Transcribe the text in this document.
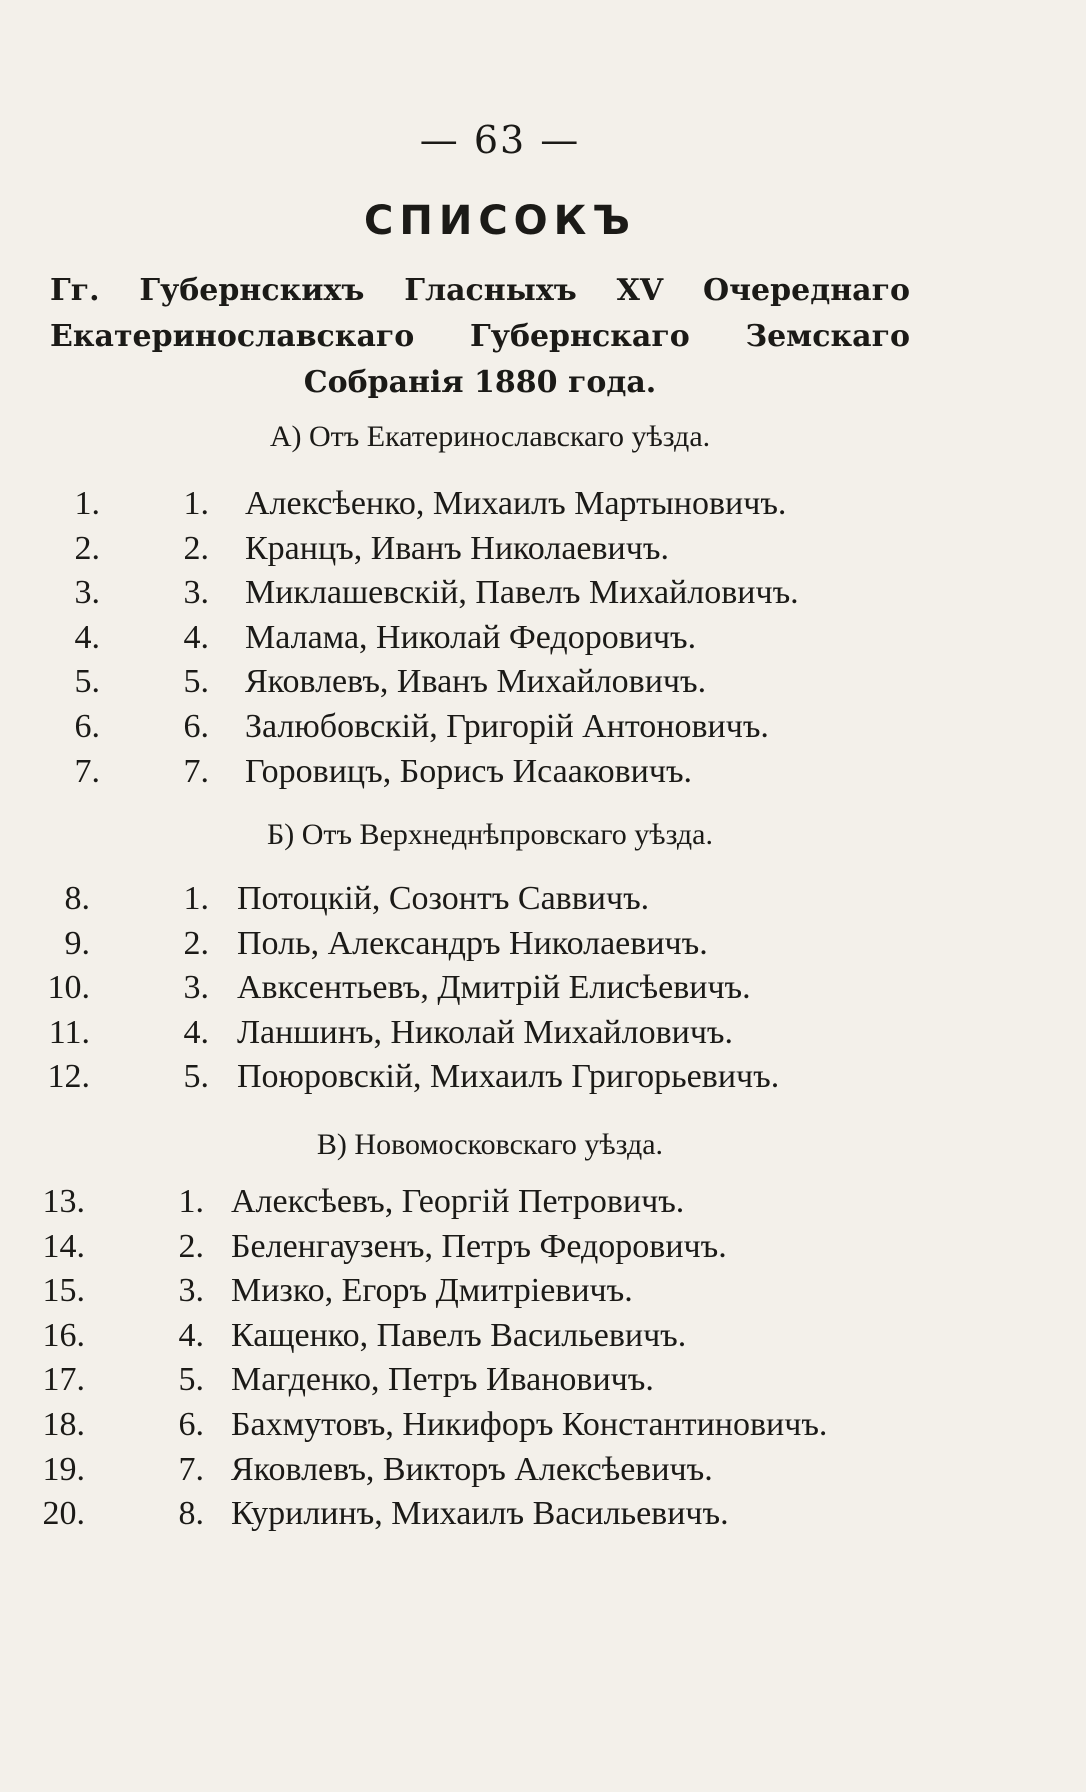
— 63 —
СПИСОКЪ
Гг. Губернскихъ Гласныхъ XV Очереднаго
Екатеринославскаго Губернскаго Земскаго
Собранія 1880 года.
А) Отъ Екатеринославскаго уѣзда.
1.	1. Алексѣенко, Михаилъ Мартыновичъ.
2.	2. Кранцъ, Иванъ Николаевичъ.
3.	3. Миклашевскій, Павелъ Михайловичъ.
4.	4. Малама, Николай Федоровичъ.
5.	5. Яковлевъ, Иванъ Михайловичъ.
6.	6. Залюбовскій, Григорій Антоновичъ.
7.	7. Горовицъ, Борисъ Исааковичъ.
Б) Отъ Верхнеднѣпровскаго уѣзда.
8.	1. Потоцкій, Созонтъ Саввичъ.
9.	2. Поль, Александръ Николаевичъ.
10.	3. Авксентьевъ, Дмитрій Елисѣевичъ.
11.	4. Ланшинъ, Николай Михайловичъ.
12.	5. Поюровскій, Михаилъ Григорьевичъ.
В) Новомосковскаго уѣзда.
13.	1. Алексѣевъ, Георгій Петровичъ.
14.	2. Беленгаузенъ, Петръ Федоровичъ.
15.	3. Мизко, Егоръ Дмитріевичъ.
16.	4. Кащенко, Павелъ Васильевичъ.
17.	5. Магденко, Петръ Ивановичъ.
18.	6. Бахмутовъ, Никифоръ Константиновичъ.
19.	7. Яковлевъ, Викторъ Алексѣевичъ.
20.	8. Курилинъ, Михаилъ Васильевичъ.
